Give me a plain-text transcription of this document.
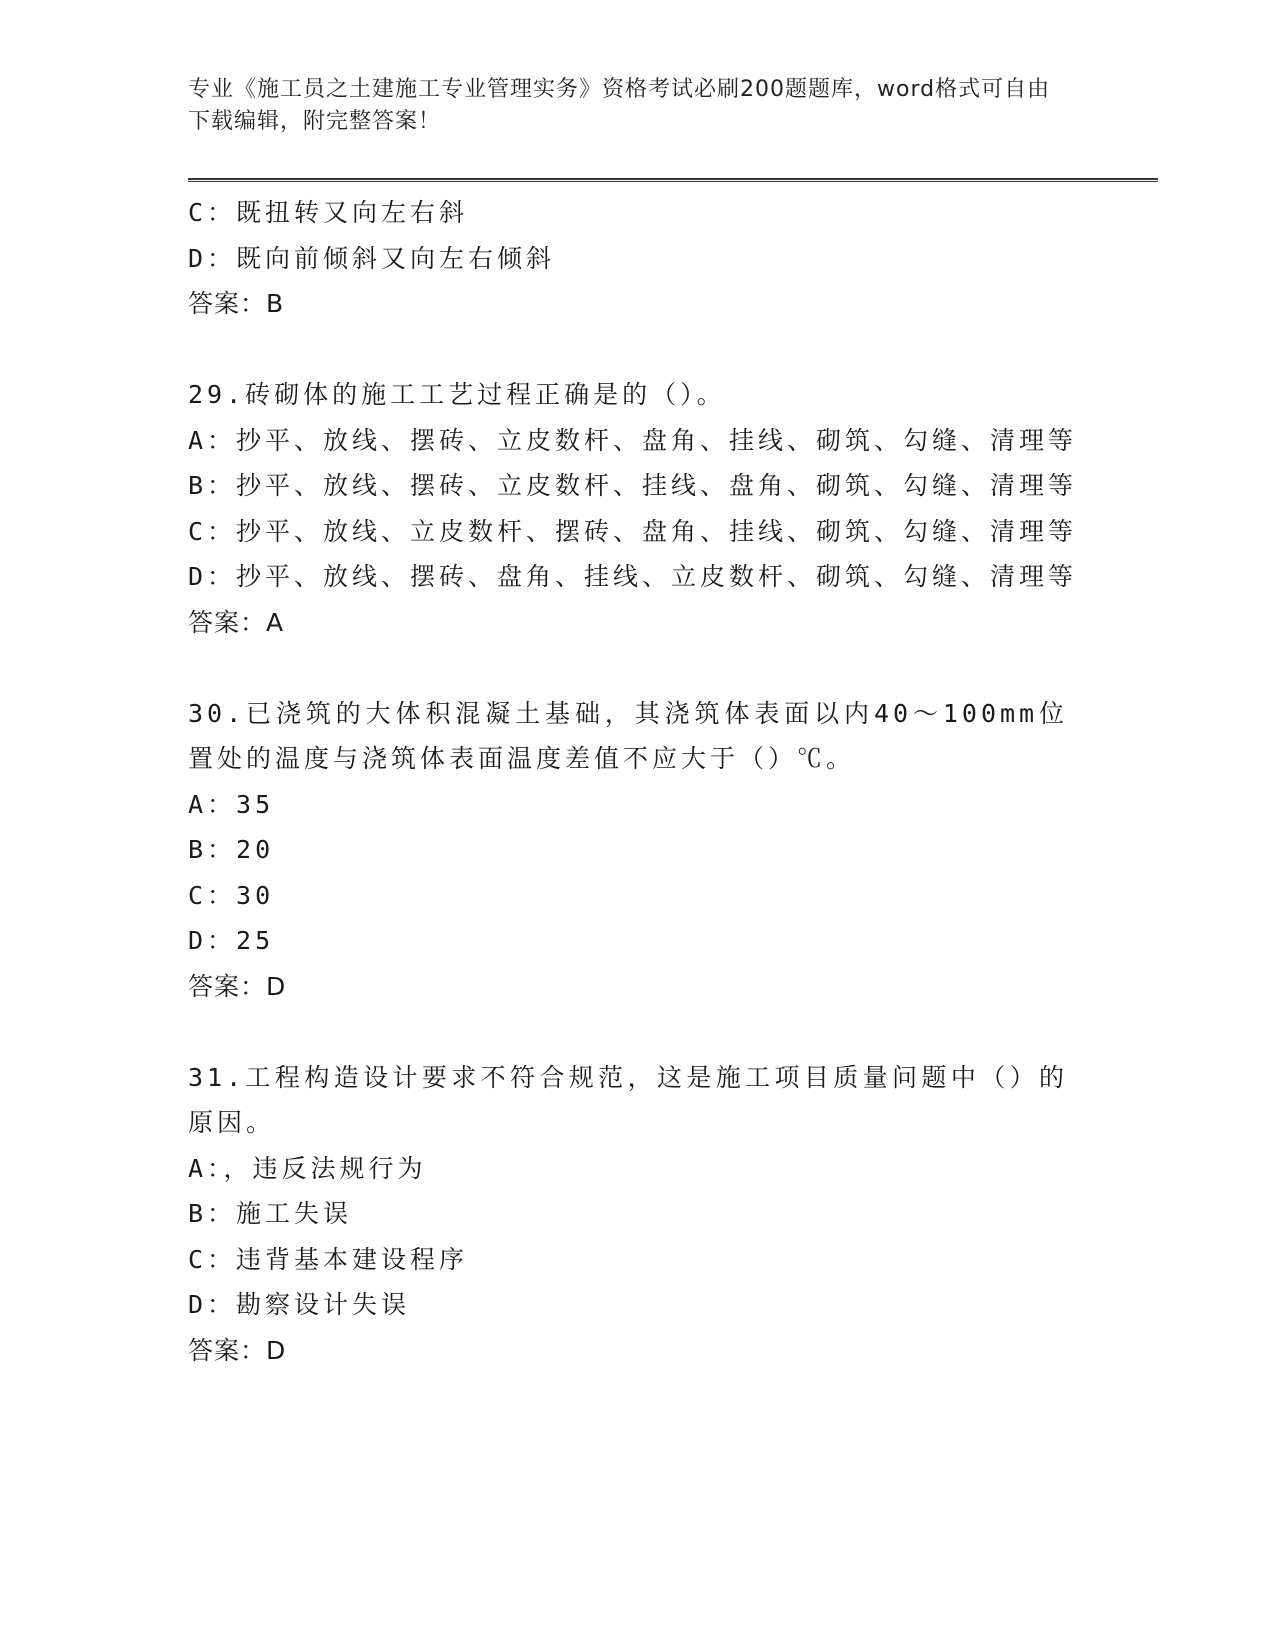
专业《施工员之土建施工专业管理实务》资格考试必刷200题题库，word格式可自由下载编辑，附完整答案！
C：既扭转又向左右斜
D：既向前倾斜又向左右倾斜
答案：B
29.砖砌体的施工工艺过程正确是的（）。
A：抄平、放线、摆砖、立皮数杆、盘角、挂线、砌筑、勾缝、清理等
B：抄平、放线、摆砖、立皮数杆、挂线、盘角、砌筑、勾缝、清理等
C：抄平、放线、立皮数杆、摆砖、盘角、挂线、砌筑、勾缝、清理等
D：抄平、放线、摆砖、盘角、挂线、立皮数杆、砌筑、勾缝、清理等
答案：A
30.已浇筑的大体积混凝土基础，其浇筑体表面以内40～100mm位置处的温度与浇筑体表面温度差值不应大于（）℃。
A：35
B：20
C：30
D：25
答案：D
31.工程构造设计要求不符合规范，这是施工项目质量问题中（）的原因。
A：，违反法规行为
B：施工失误
C：违背基本建设程序
D：勘察设计失误
答案：D
